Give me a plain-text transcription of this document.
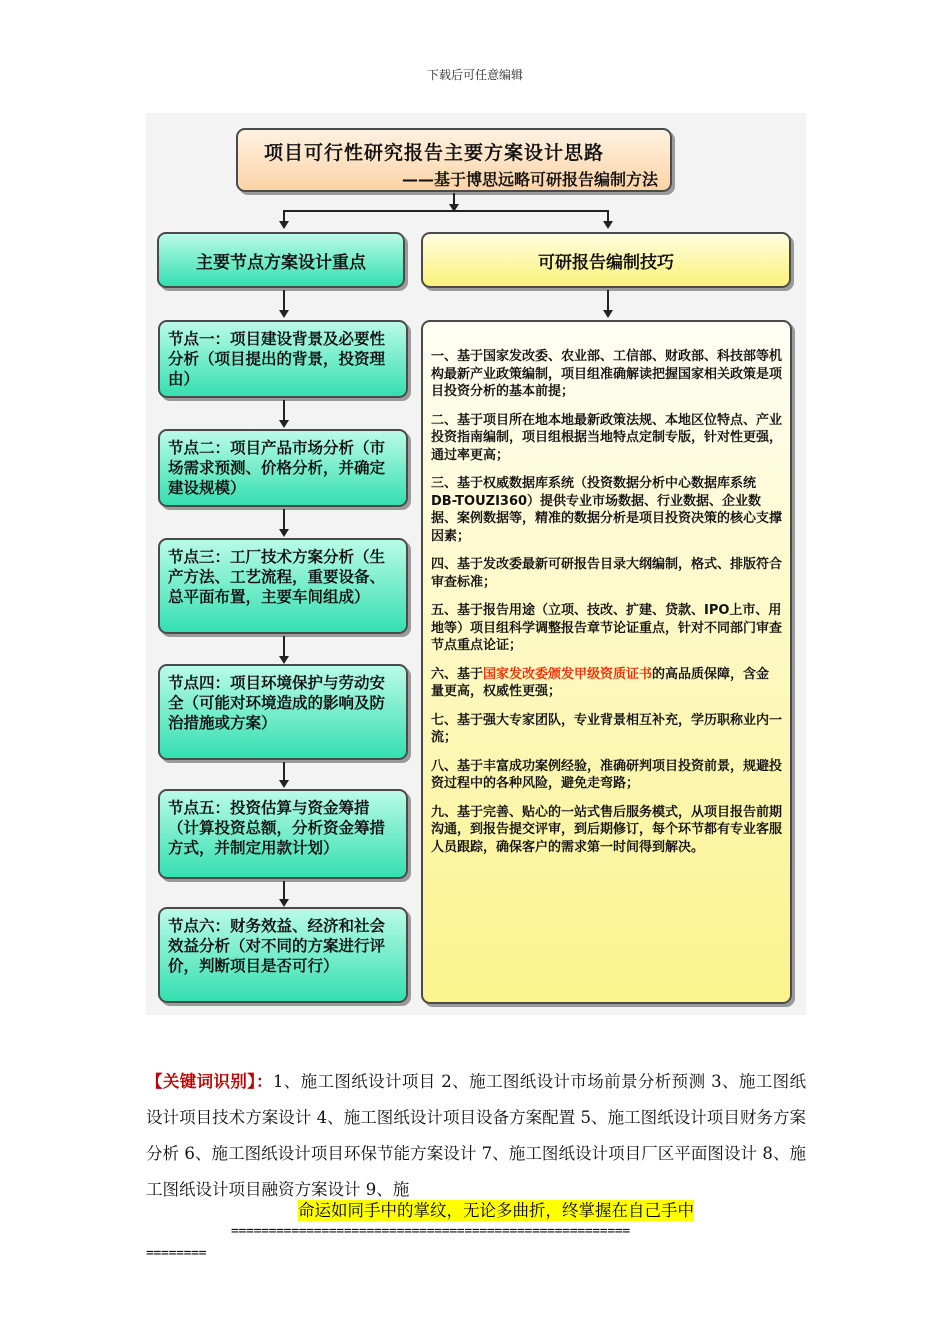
下载后可任意编辑
项目可行性研究报告主要方案设计思路
——基于博思远略可研报告编制方法
主要节点方案设计重点	可研报告编制技巧
节点一：项目建设背景及必要性分析（项目提出的背景，投资理由）
节点二：项目产品市场分析（市场需求预测、价格分析，并确定建设规模）
节点三：工厂技术方案分析（生产方法、工艺流程，重要设备、总平面布置，主要车间组成）
节点四：项目环境保护与劳动安全（可能对环境造成的影响及防治措施或方案）
节点五：投资估算与资金筹措（计算投资总额，分析资金筹措方式，并制定用款计划）
节点六：财务效益、经济和社会效益分析（对不同的方案进行评价，判断项目是否可行）

一、基于国家发改委、农业部、工信部、财政部、科技部等机构最新产业政策编制，项目组准确解读把握国家相关政策是项目投资分析的基本前提；

二、基于项目所在地本地最新政策法规、本地区位特点、产业投资指南编制，项目组根据当地特点定制专版，针对性更强，通过率更高；

三、基于权威数据库系统（投资数据分析中心数据库系统DB-TOUZI360）提供专业市场数据、行业数据、企业数据、案例数据等，精准的数据分析是项目投资决策的核心支撑因素；

四、基于发改委最新可研报告目录大纲编制，格式、排版符合审查标准；

五、基于报告用途（立项、技改、扩建、贷款、IPO上市、用地等）项目组科学调整报告章节论证重点，针对不同部门审查节点重点论证；

六、基于国家发改委颁发甲级资质证书的高品质保障，含金量更高，权威性更强；

七、基于强大专家团队，专业背景相互补充，学历职称业内一流；

八、基于丰富成功案例经验，准确研判项目投资前景，规避投资过程中的各种风险，避免走弯路；

九、基于完善、贴心的一站式售后服务模式，从项目报告前期沟通，到报告提交评审，到后期修订，每个环节都有专业客服人员跟踪，确保客户的需求第一时间得到解决。

【关键词识别】：1、施工图纸设计项目 2、施工图纸设计市场前景分析预测 3、施工图纸设计项目技术方案设计 4、施工图纸设计项目设备方案配置 5、施工图纸设计项目财务方案分析 6、施工图纸设计项目环保节能方案设计 7、施工图纸设计项目厂区平面图设计 8、施工图纸设计项目融资方案设计 9、施
命运如同手中的掌纹，无论多曲折，终掌握在自己手中
=====================================================
========
